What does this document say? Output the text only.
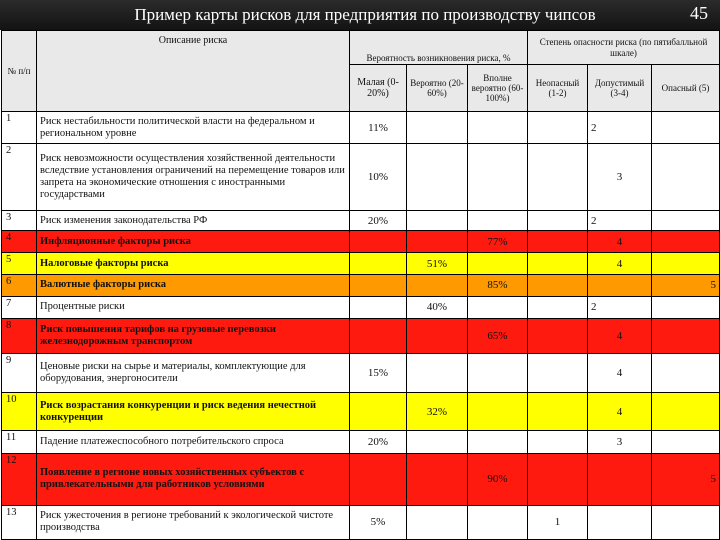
Пример карты рисков для предприятия по производству чипсов	45
№ п/п	Описание риска	Вероятность возникновения риска, %			Степень опасности риска (по пятибалльной шкале)		
		Малая (0-20%)	Вероятно (20-60%)	Вполне вероятно (60-100%)	Неопасный (1-2)	Допустимый (3-4)	Опасный (5)
1	Риск нестабильности политической власти на федеральном и региональном уровне	11%				2	
2	Риск невозможности осуществления хозяйственной деятельности вследствие установления ограничений на перемещение товаров или запрета на экономические отношения с иностранными государствами	10%				3	
3	Риск изменения законодательства РФ	20%				2	
4	Инфляционные факторы риска			77%		4	
5	Налоговые факторы риска		51%			4	
6	Валютные факторы риска			85%			5
7	Процентные риски		40%			2	
8	Риск повышения тарифов на грузовые перевозки железнодорожным транспортом			65%		4	
9	Ценовые риски на сырье и материалы, комплектующие для оборудования, энергоносители	15%				4	
10	Риск возрастания конкуренции и риск ведения нечестной конкуренции		32%			4	
11	Падение платежеспособного потребительского спроса	20%				3	
12	Появление в регионе новых хозяйственных субъектов с привлекательными для работников условиями			90%			5
13	Риск ужесточения в регионе требований к экологической чистоте производства	5%			1		
